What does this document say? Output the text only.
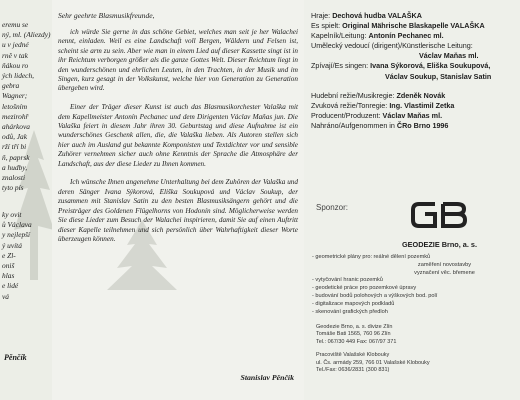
eremu se
ný, ml. (Aliezdy)
u v jedné
rně v tak
ňákou ro
ých lidech,
gebra
Wagner;
letošním
mezirohř
ahárkova
odů, Jak
rží tří bi
ň, paprsk
a hudby,
znalosti
tyto pís
ky ovit
ů Václava
y nejlepší
ý uvítá
e Zl-
oniš
hlas
e lidé
vá
Pěnčík
Sehr geehrte Blasmusikfreunde,

ich würde Sie gerne in das schöne Gebiet, welches man seit je her Walachei nennt, einladen. Weil es eine Landschaft voll Bergen, Wäldern und Felsen ist, scheint sie arm zu sein. Aber wie man in einem Lied auf dieser Kassette singt ist in ihr Reichtum verborgen größer als die ganze Gottes Welt. Dieser Reichtum liegt in den wunderschönen und ehrlichen Leuten, in den Trachten, in der Musik und im Singen, kurz gesagt in der Volkskunst, welche hier von Generation zu Generation übergeben wird.

Einer der Träger dieser Kunst ist auch das Blasmusikorchester Valaška mit dem Kapellmeister Antonín Pechanec und dem Dirigenten Václav Maňas jun. Die Valaška feiert in diesem Jahr ihren 30. Geburtstag und diese Aufnahme ist ein wunderschönes Geschenk allen, die, die Valaška lieben. Als Autoren stellen sich hier auch im Ausland gut bekannte Komponisten und Textdichter vor und sensible Zuhörer vernehmen sicher auch ohne Kenntnis der Sprache die Atmosphäre der Landschaft, aus der diese Lieder zu Ihnen kommen.

Ich wünsche Ihnen angenehme Unterhaltung bei dem Zuhören der Valaška und deren Sänger Ivana Sýkorová, Eliška Soukupová und Václav Soukup, der zusammen mit Stanislav Satin zu den besten Blasmusiksängern gehört und die Preisträger des Goldenen Flügelhorns von Hodonín sind. Möglicherweise werden Sie diese Lieder zum Besuch der Walachei inspirieren, damit Sie auf einen Auftritt dieser Kapelle teilnehmen und sich persönlich über Wahrhaftigkeit dieser Worte überzeugen können.

Stanislav Pěnčík
Hraje: Dechová hudba VALAŠKA
Es spielt: Original Mährische Blaskapelle VALAŠKA
Kapelník/Leitung: Antonín Pechanec ml.
Umělecký vedoucí (dirigent)/Künstlerische Leitung:
Václav Maňas ml.
Zpívají/Es singen: Ivana Sýkorová, Eliška Soukupová,
Václav Soukup, Stanislav Satin
Hudební režie/Musikregie: Zdeněk Novák
Zvuková režie/Tonregie: Ing. Vlastimil Zetka
Producent/Produzent: Václav Maňas ml.
Nahráno/Aufgenommen in ČRo Brno 1996
Sponzor:
GEODEZIE Brno, a. s.
- geometrické plány pro: reálné dělení pozemků
zaměření novostavby
vyznačení věc. břemene
- vytyčování hranic pozemků
- geodetické práce pro pozemkové úpravy
- budování bodů polohových a výškových bod. polí
- digitalizace mapových podkladů
- skenování grafických předloh
Geodezie Brno, a. s. divize Zlín
Tomáše Bati 1565, 760 96 Zlín
Tel.: 067/30 449 Fax: 067/97 371
Pracoviště Valašské Klobouky
ul. Čs. armády 259, 766 01 Valašské Klobouky
Tel./Fax: 0636/2831 (300 831)
